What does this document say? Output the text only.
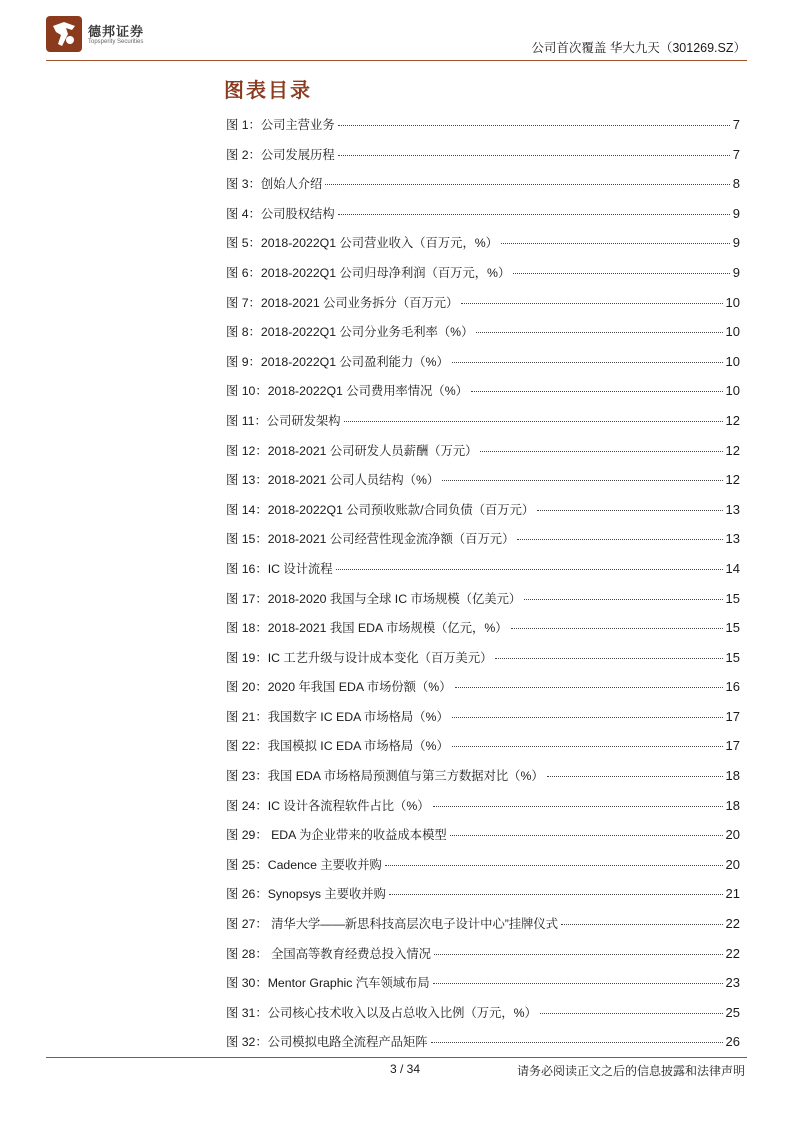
德邦证券
Topsperity Securities	公司首次覆盖 华大九天（301269.SZ）
图表目录
图 1：公司主营业务	7
图 2：公司发展历程	7
图 3：创始人介绍	8
图 4：公司股权结构	9
图 5：2018-2022Q1 公司营业收入（百万元，%）	9
图 6：2018-2022Q1 公司归母净利润（百万元，%）	9
图 7：2018-2021 公司业务拆分（百万元）	10
图 8：2018-2022Q1 公司分业务毛利率（%）	10
图 9：2018-2022Q1 公司盈利能力（%）	10
图 10：2018-2022Q1 公司费用率情况（%）	10
图 11：公司研发架构	12
图 12：2018-2021 公司研发人员薪酬（万元）	12
图 13：2018-2021 公司人员结构（%）	12
图 14：2018-2022Q1 公司预收账款/合同负债（百万元）	13
图 15：2018-2021 公司经营性现金流净额（百万元）	13
图 16：IC 设计流程	14
图 17：2018-2020 我国与全球 IC 市场规模（亿美元）	15
图 18：2018-2021 我国 EDA 市场规模（亿元，%）	15
图 19：IC 工艺升级与设计成本变化（百万美元）	15
图 20：2020 年我国 EDA 市场份额（%）	16
图 21：我国数字 IC EDA 市场格局（%）	17
图 22：我国模拟 IC EDA 市场格局（%）	17
图 23：我国 EDA 市场格局预测值与第三方数据对比（%）	18
图 24：IC 设计各流程软件占比（%）	18
图 29： EDA 为企业带来的收益成本模型	20
图 25：Cadence 主要收并购	20
图 26：Synopsys 主要收并购	21
图 27： 清华大学——新思科技高层次电子设计中心”挂牌仪式	22
图 28： 全国高等教育经费总投入情况	22
图 30：Mentor Graphic 汽车领域布局	23
图 31：公司核心技术收入以及占总收入比例（万元，%）	25
图 32：公司模拟电路全流程产品矩阵	26
3 / 34	请务必阅读正文之后的信息披露和法律声明
